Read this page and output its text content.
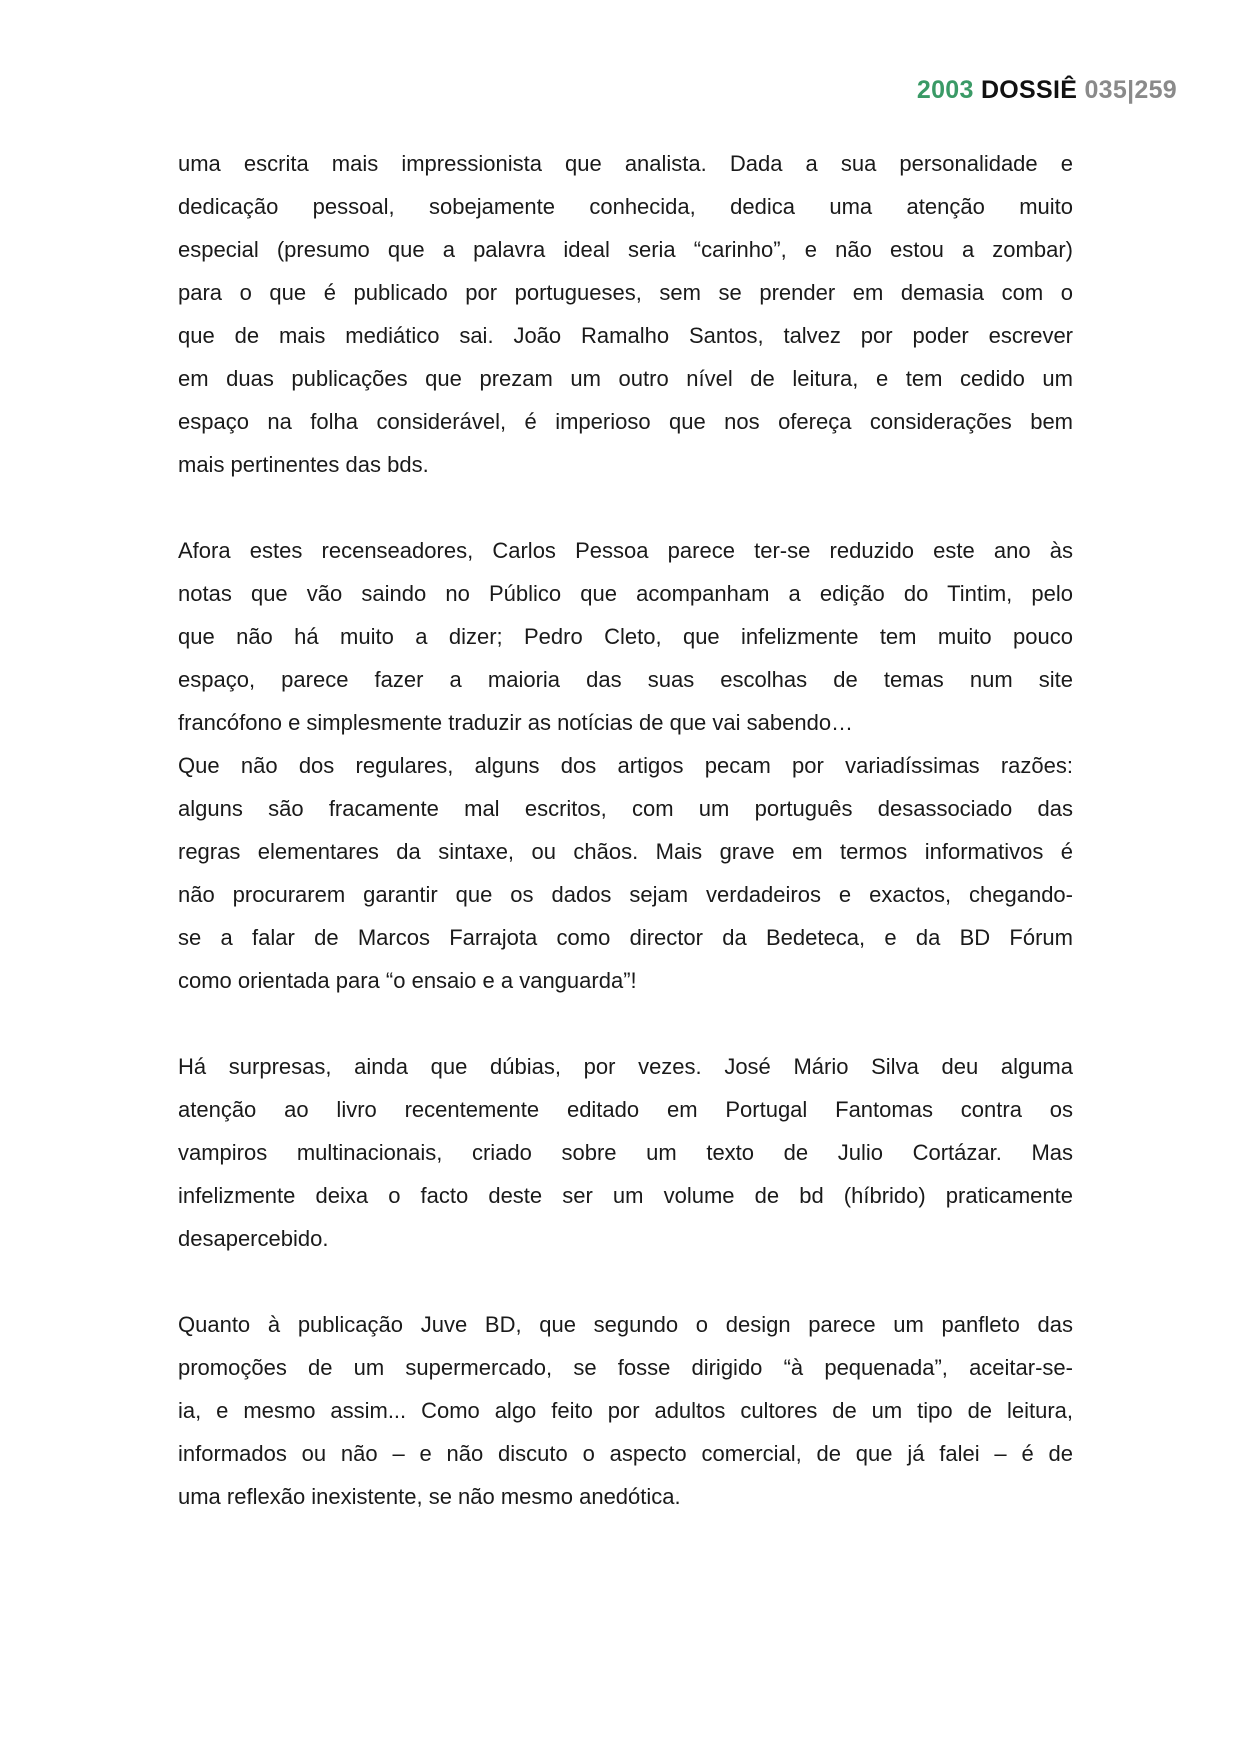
2003 DOSSIÊ 035|259
uma escrita mais impressionista que analista. Dada a sua personalidade e
dedicação pessoal, sobejamente conhecida, dedica uma atenção muito
especial (presumo que a palavra ideal seria “carinho”, e não estou a zombar)
para o que é publicado por portugueses, sem se prender em demasia com o
que de mais mediático sai. João Ramalho Santos, talvez por poder escrever
em duas publicações que prezam um outro nível de leitura, e tem cedido um
espaço na folha considerável, é imperioso que nos ofereça considerações bem
mais pertinentes das bds.
Afora estes recenseadores, Carlos Pessoa parece ter-se reduzido este ano às
notas que vão saindo no Público que acompanham a edição do Tintim, pelo
que não há muito a dizer; Pedro Cleto, que infelizmente tem muito pouco
espaço, parece fazer a maioria das suas escolhas de temas num site
francófono e simplesmente traduzir as notícias de que vai sabendo…
Que não dos regulares, alguns dos artigos pecam por variadíssimas razões:
alguns são fracamente mal escritos, com um português desassociado das
regras elementares da sintaxe, ou chãos. Mais grave em termos informativos é
não procurarem garantir que os dados sejam verdadeiros e exactos, chegando-
se a falar de Marcos Farrajota como director da Bedeteca, e da BD Fórum
como orientada para “o ensaio e a vanguarda”!
Há surpresas, ainda que dúbias, por vezes. José Mário Silva deu alguma
atenção ao livro recentemente editado em Portugal Fantomas contra os
vampiros multinacionais, criado sobre um texto de Julio Cortázar. Mas
infelizmente deixa o facto deste ser um volume de bd (híbrido) praticamente
desapercebido.
Quanto à publicação Juve BD, que segundo o design parece um panfleto das
promoções de um supermercado, se fosse dirigido “à pequenada”, aceitar-se-
ia, e mesmo assim... Como algo feito por adultos cultores de um tipo de leitura,
informados ou não – e não discuto o aspecto comercial, de que já falei – é de
uma reflexão inexistente, se não mesmo anedótica.
